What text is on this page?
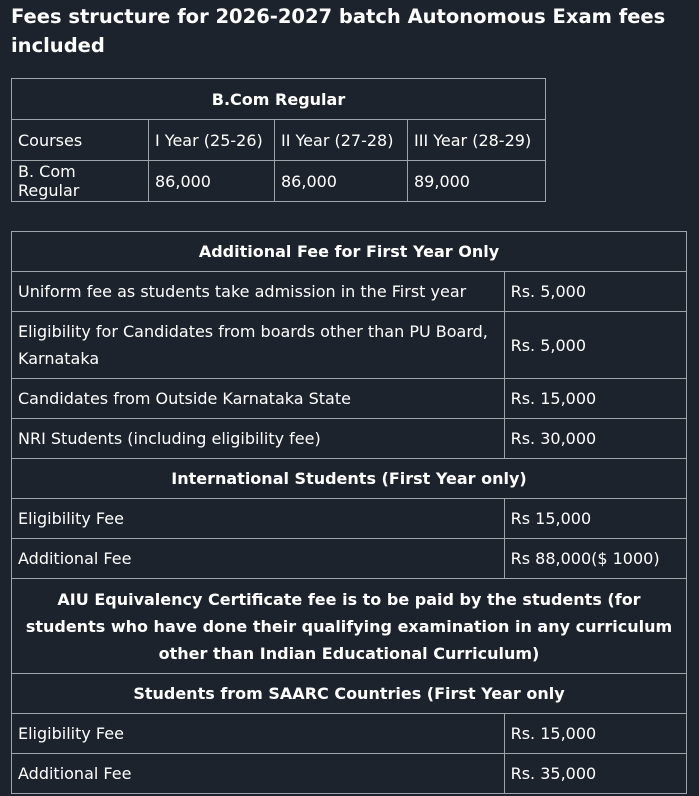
Fees structure for 2026-2027 batch Autonomous Exam fees included
B.Com Regular			
Courses	I Year (25-26)	II Year (27-28)	III Year (28-29)
B. Com Regular	86,000	86,000	89,000
Additional Fee for First Year Only	
Uniform fee as students take admission in the First year	Rs. 5,000
Eligibility for Candidates from boards other than PU Board, Karnataka	Rs. 5,000
Candidates from Outside Karnataka State	Rs. 15,000
NRI Students (including eligibility fee)	Rs. 30,000
International Students (First Year only)	
Eligibility Fee	Rs 15,000
Additional Fee	Rs 88,000($ 1000)
AIU Equivalency Certificate fee is to be paid by the students (for students who have done their qualifying examination in any curriculum other than Indian Educational Curriculum)	
Students from SAARC Countries (First Year only	
Eligibility Fee	Rs. 15,000
Additional Fee	Rs. 35,000
